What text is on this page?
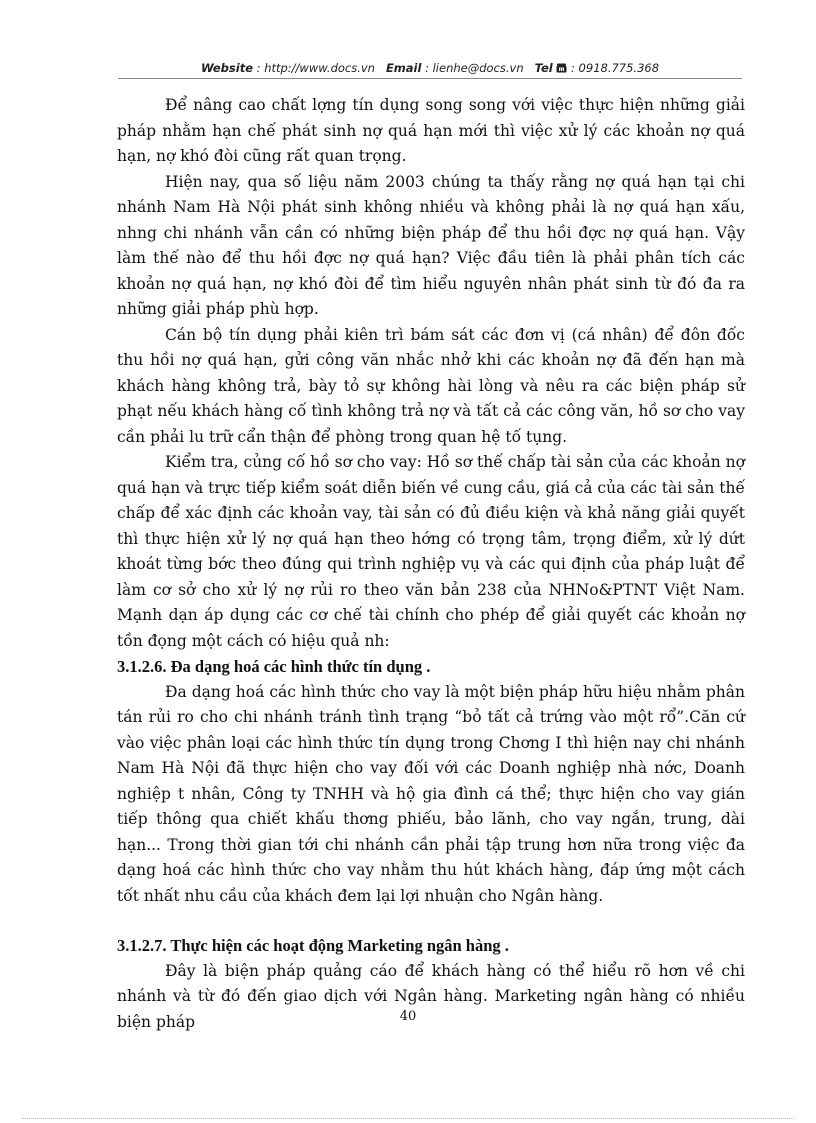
Website : http://www.docs.vn Email : lienhe@docs.vn Tel : 0918.775.368

Để nâng cao chất lợng tín dụng song song với việc thực hiện những giải pháp nhằm hạn chế phát sinh nợ quá hạn mới thì việc xử lý các khoản nợ quá hạn, nợ khó đòi cũng rất quan trọng.

Hiện nay, qua số liệu năm 2003 chúng ta thấy rằng nợ quá hạn tại chi nhánh Nam Hà Nội phát sinh không nhiều và không phải là nợ quá hạn xấu, nhng chi nhánh vẫn cần có những biện pháp để thu hồi đợc nợ quá hạn. Vậy làm thế nào để thu hồi đợc nợ quá hạn? Việc đầu tiên là phải phân tích các khoản nợ quá hạn, nợ khó đòi để tìm hiểu nguyên nhân phát sinh từ đó đa ra những giải pháp phù hợp.

Cán bộ tín dụng phải kiên trì bám sát các đơn vị (cá nhân) để đôn đốc thu hồi nợ quá hạn, gửi công văn nhắc nhở khi các khoản nợ đã đến hạn mà khách hàng không trả, bày tỏ sự không hài lòng và nêu ra các biện pháp sử phạt nếu khách hàng cố tình không trả nợ và tất cả các công văn, hồ sơ cho vay cần phải lu trữ cẩn thận để phòng trong quan hệ tố tụng.

Kiểm tra, củng cố hồ sơ cho vay: Hồ sơ thế chấp tài sản của các khoản nợ quá hạn và trực tiếp kiểm soát diễn biến về cung cầu, giá cả của các tài sản thế chấp để xác định các khoản vay, tài sản có đủ điều kiện và khả năng giải quyết thì thực hiện xử lý nợ quá hạn theo hớng có trọng tâm, trọng điểm, xử lý dứt khoát từng bớc theo đúng qui trình nghiệp vụ và các qui định của pháp luật để làm cơ sở cho xử lý nợ rủi ro theo văn bản 238 của NHNo&PTNT Việt Nam. Mạnh dạn áp dụng các cơ chế tài chính cho phép để giải quyết các khoản nợ tồn đọng một cách có hiệu quả nh:

3.1.2.6. Đa dạng hoá các hình thức tín dụng .

Đa dạng hoá các hình thức cho vay là một biện pháp hữu hiệu nhằm phân tán rủi ro cho chi nhánh tránh tình trạng “bỏ tất cả trứng vào một rổ”.Căn cứ vào việc phân loại các hình thức tín dụng trong Chơng I thì hiện nay chi nhánh Nam Hà Nội đã thực hiện cho vay đối với các Doanh nghiệp nhà nớc, Doanh nghiệp t nhân, Công ty TNHH và hộ gia đình cá thể; thực hiện cho vay gián tiếp thông qua chiết khấu thơng phiếu, bảo lãnh, cho vay ngắn, trung, dài hạn... Trong thời gian tới chi nhánh cần phải tập trung hơn nữa trong việc đa dạng hoá các hình thức cho vay nhằm thu hút khách hàng, đáp ứng một cách tốt nhất nhu cầu của khách đem lại lợi nhuận cho Ngân hàng.

3.1.2.7. Thực hiện các hoạt động Marketing ngân hàng .

Đây là biện pháp quảng cáo để khách hàng có thể hiểu rõ hơn về chi nhánh và từ đó đến giao dịch với Ngân hàng. Marketing ngân hàng có nhiều biện pháp	40
